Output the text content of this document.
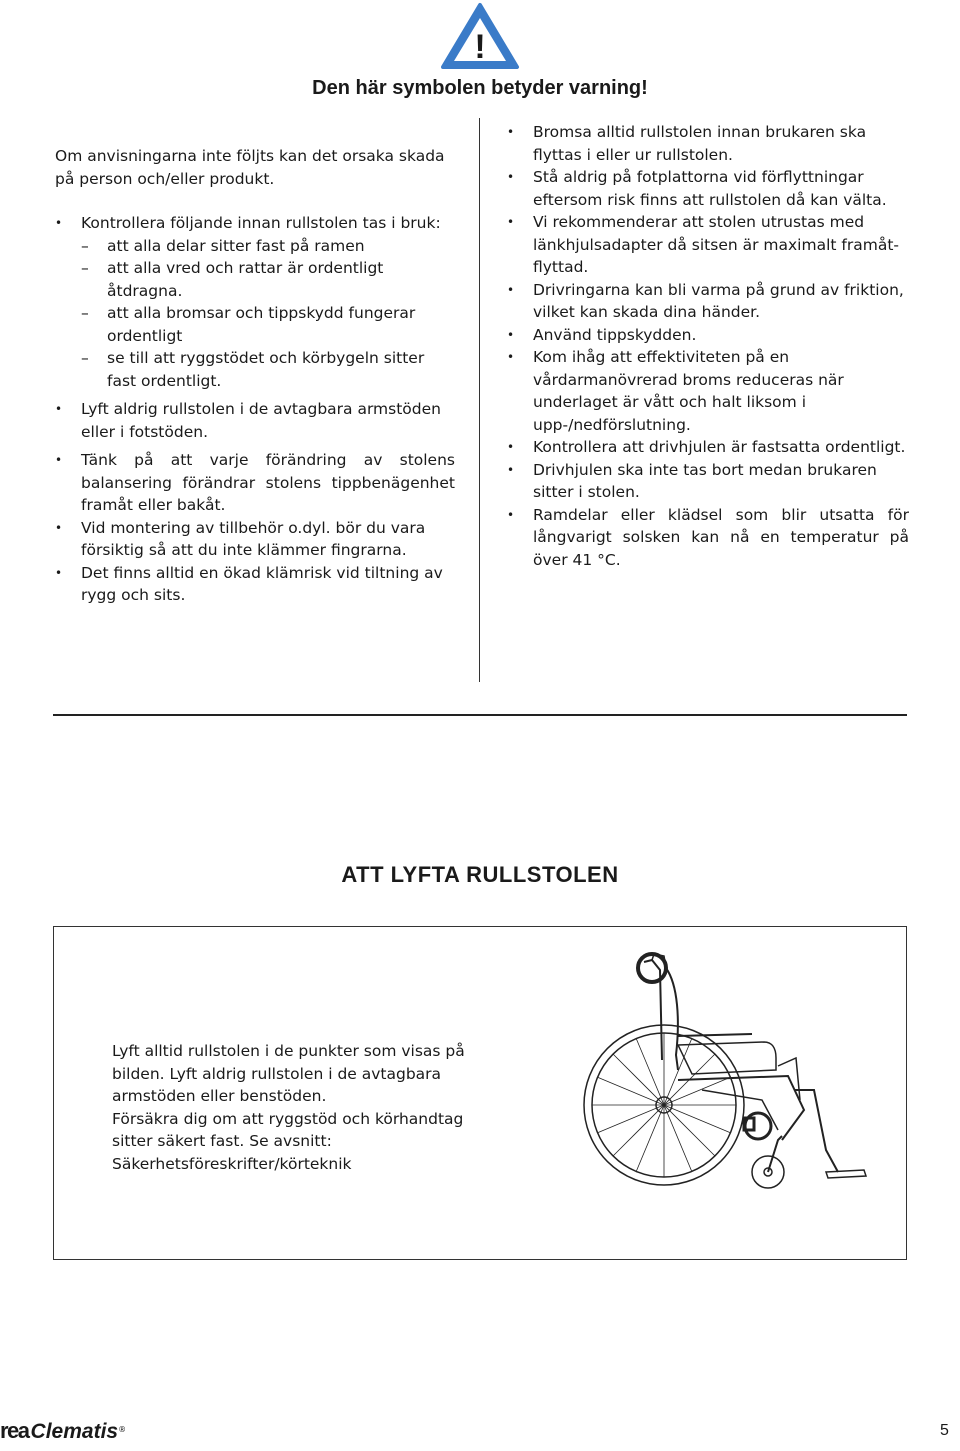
!
Den här symbolen betyder varning!

Om anvisningarna inte följts kan det orsaka skada på person och/eller produkt.

• Kontrollera följande innan rullstolen tas i bruk:

– att alla delar sitter fast på ramen

– att alla vred och rattar är ordentligt åtdragna.

– att alla bromsar och tippskydd fungerar ordentligt

– se till att ryggstödet och körbygeln sitter fast ordentligt.

• Lyft aldrig rullstolen i de avtagbara armstöden eller i fotstöden.

• Tänk på att varje förändring av stolens balansering förändrar stolens tippbenägenhet framåt eller bakåt.

• Vid montering av tillbehör o.dyl. bör du vara försiktig så att du inte klämmer fingrarna.

• Det finns alltid en ökad klämrisk vid tiltning av rygg och sits.

• Bromsa alltid rullstolen innan brukaren ska flyttas i eller ur rullstolen.

• Stå aldrig på fotplattorna vid förflyttningar eftersom risk finns att rullstolen då kan välta.

• Vi rekommenderar att stolen utrustas med länkhjulsadapter då sitsen är maximalt framåt-flyttad.

• Drivringarna kan bli varma på grund av friktion, vilket kan skada dina händer.

• Använd tippskydden.

• Kom ihåg att effektiviteten på en vårdarmanövrerad broms reduceras när underlaget är vått och halt liksom i upp-/nedförslutning.

• Kontrollera att drivhjulen är fastsatta ordentligt.

• Drivhjulen ska inte tas bort medan brukaren sitter i stolen.

• Ramdelar eller klädsel som blir utsatta för långvarigt solsken kan nå en temperatur på över 41 °C.

ATT LYFTA RULLSTOLEN

Lyft alltid rullstolen i de punkter som visas på bilden. Lyft aldrig rullstolen i de avtagbara armstöden eller benstöden.

Försäkra dig om att ryggstöd och körhandtag sitter säkert fast. Se avsnitt: Säkerhetsföreskrifter/körteknik

reaClematis®	5
